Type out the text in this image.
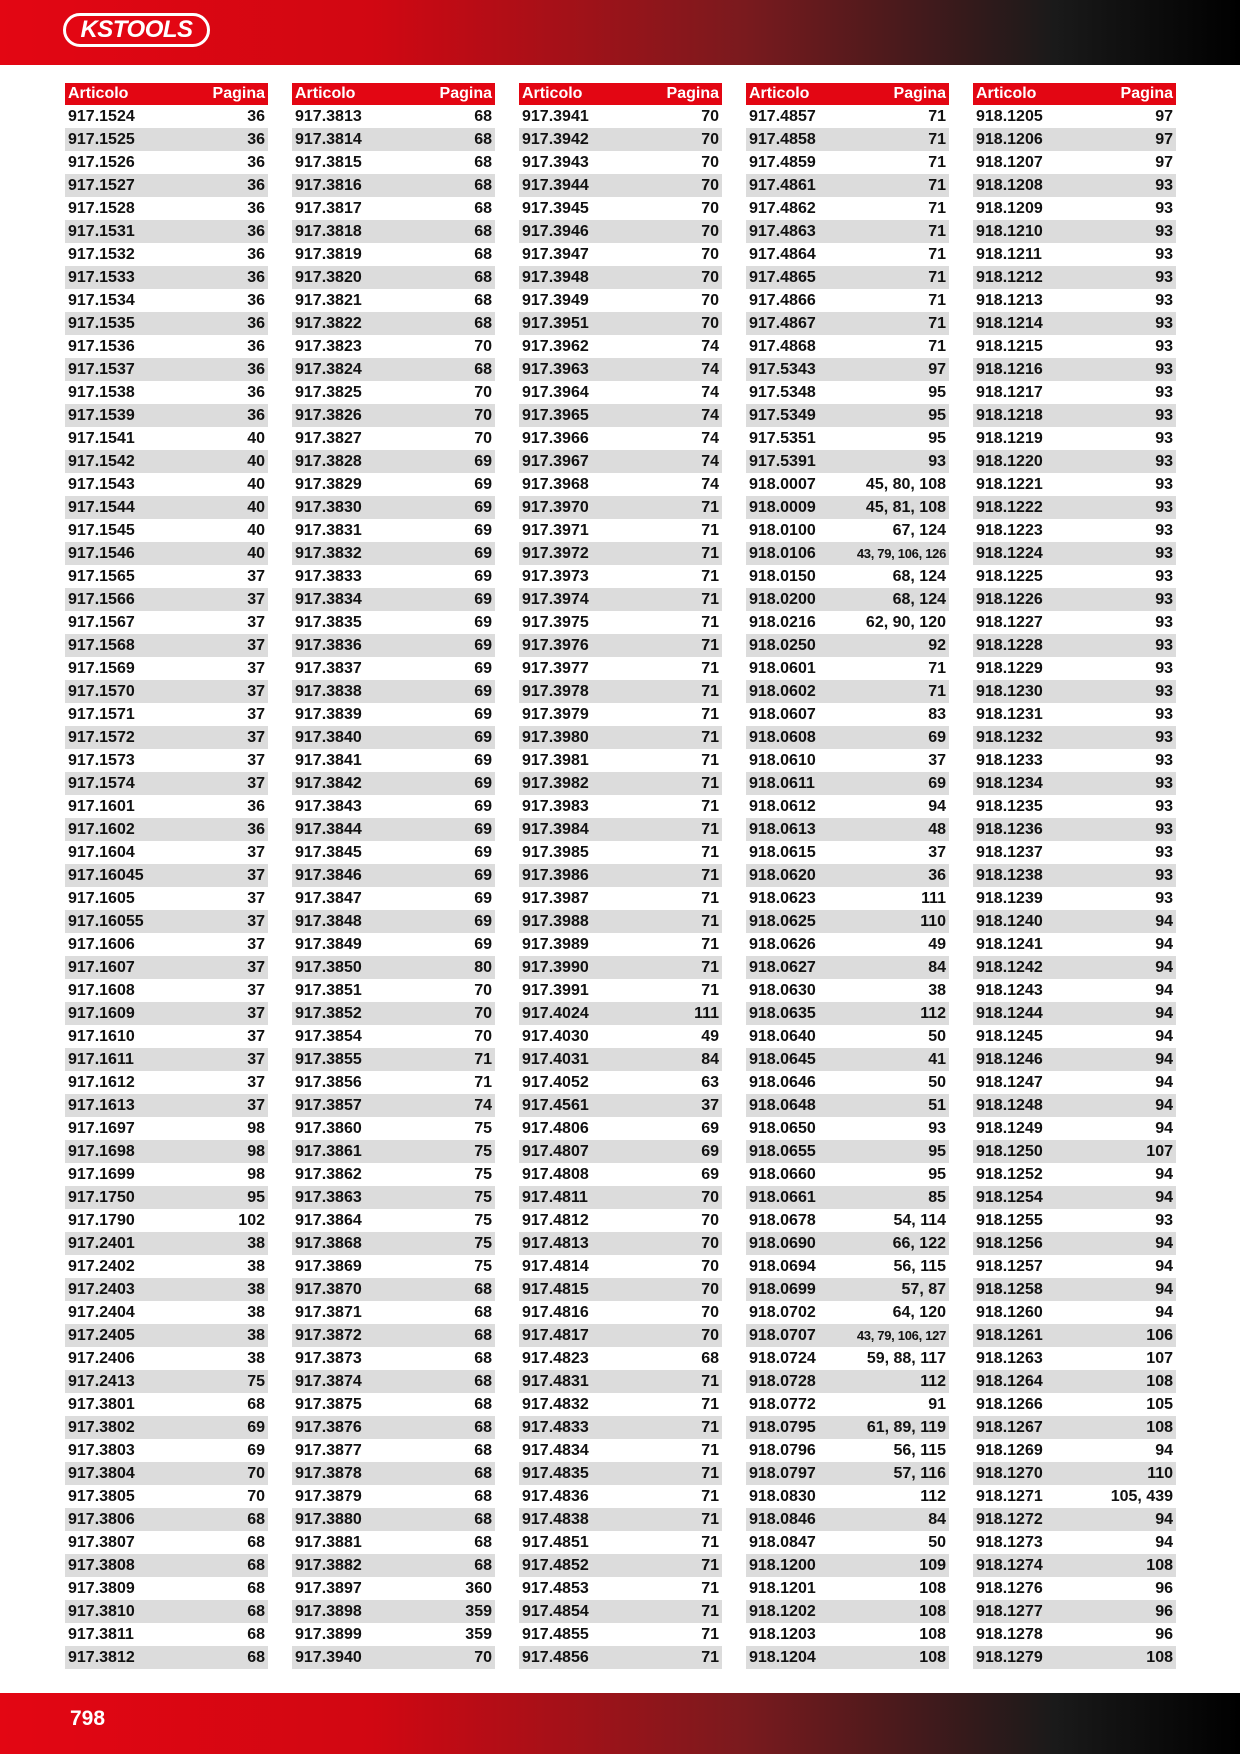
KSTOOLS
Articolo	Pagina
917.1524	36
917.1525	36
917.1526	36
917.1527	36
917.1528	36
917.1531	36
917.1532	36
917.1533	36
917.1534	36
917.1535	36
917.1536	36
917.1537	36
917.1538	36
917.1539	36
917.1541	40
917.1542	40
917.1543	40
917.1544	40
917.1545	40
917.1546	40
917.1565	37
917.1566	37
917.1567	37
917.1568	37
917.1569	37
917.1570	37
917.1571	37
917.1572	37
917.1573	37
917.1574	37
917.1601	36
917.1602	36
917.1604	37
917.16045	37
917.1605	37
917.16055	37
917.1606	37
917.1607	37
917.1608	37
917.1609	37
917.1610	37
917.1611	37
917.1612	37
917.1613	37
917.1697	98
917.1698	98
917.1699	98
917.1750	95
917.1790	102
917.2401	38
917.2402	38
917.2403	38
917.2404	38
917.2405	38
917.2406	38
917.2413	75
917.3801	68
917.3802	69
917.3803	69
917.3804	70
917.3805	70
917.3806	68
917.3807	68
917.3808	68
917.3809	68
917.3810	68
917.3811	68
917.3812	68
Articolo	Pagina
917.3813	68
917.3814	68
917.3815	68
917.3816	68
917.3817	68
917.3818	68
917.3819	68
917.3820	68
917.3821	68
917.3822	68
917.3823	70
917.3824	68
917.3825	70
917.3826	70
917.3827	70
917.3828	69
917.3829	69
917.3830	69
917.3831	69
917.3832	69
917.3833	69
917.3834	69
917.3835	69
917.3836	69
917.3837	69
917.3838	69
917.3839	69
917.3840	69
917.3841	69
917.3842	69
917.3843	69
917.3844	69
917.3845	69
917.3846	69
917.3847	69
917.3848	69
917.3849	69
917.3850	80
917.3851	70
917.3852	70
917.3854	70
917.3855	71
917.3856	71
917.3857	74
917.3860	75
917.3861	75
917.3862	75
917.3863	75
917.3864	75
917.3868	75
917.3869	75
917.3870	68
917.3871	68
917.3872	68
917.3873	68
917.3874	68
917.3875	68
917.3876	68
917.3877	68
917.3878	68
917.3879	68
917.3880	68
917.3881	68
917.3882	68
917.3897	360
917.3898	359
917.3899	359
917.3940	70
Articolo	Pagina
917.3941	70
917.3942	70
917.3943	70
917.3944	70
917.3945	70
917.3946	70
917.3947	70
917.3948	70
917.3949	70
917.3951	70
917.3962	74
917.3963	74
917.3964	74
917.3965	74
917.3966	74
917.3967	74
917.3968	74
917.3970	71
917.3971	71
917.3972	71
917.3973	71
917.3974	71
917.3975	71
917.3976	71
917.3977	71
917.3978	71
917.3979	71
917.3980	71
917.3981	71
917.3982	71
917.3983	71
917.3984	71
917.3985	71
917.3986	71
917.3987	71
917.3988	71
917.3989	71
917.3990	71
917.3991	71
917.4024	111
917.4030	49
917.4031	84
917.4052	63
917.4561	37
917.4806	69
917.4807	69
917.4808	69
917.4811	70
917.4812	70
917.4813	70
917.4814	70
917.4815	70
917.4816	70
917.4817	70
917.4823	68
917.4831	71
917.4832	71
917.4833	71
917.4834	71
917.4835	71
917.4836	71
917.4838	71
917.4851	71
917.4852	71
917.4853	71
917.4854	71
917.4855	71
917.4856	71
Articolo	Pagina
917.4857	71
917.4858	71
917.4859	71
917.4861	71
917.4862	71
917.4863	71
917.4864	71
917.4865	71
917.4866	71
917.4867	71
917.4868	71
917.5343	97
917.5348	95
917.5349	95
917.5351	95
917.5391	93
918.0007	45, 80, 108
918.0009	45, 81, 108
918.0100	67, 124
918.0106	43, 79, 106, 126
918.0150	68, 124
918.0200	68, 124
918.0216	62, 90, 120
918.0250	92
918.0601	71
918.0602	71
918.0607	83
918.0608	69
918.0610	37
918.0611	69
918.0612	94
918.0613	48
918.0615	37
918.0620	36
918.0623	111
918.0625	110
918.0626	49
918.0627	84
918.0630	38
918.0635	112
918.0640	50
918.0645	41
918.0646	50
918.0648	51
918.0650	93
918.0655	95
918.0660	95
918.0661	85
918.0678	54, 114
918.0690	66, 122
918.0694	56, 115
918.0699	57, 87
918.0702	64, 120
918.0707	43, 79, 106, 127
918.0724	59, 88, 117
918.0728	112
918.0772	91
918.0795	61, 89, 119
918.0796	56, 115
918.0797	57, 116
918.0830	112
918.0846	84
918.0847	50
918.1200	109
918.1201	108
918.1202	108
918.1203	108
918.1204	108
Articolo	Pagina
918.1205	97
918.1206	97
918.1207	97
918.1208	93
918.1209	93
918.1210	93
918.1211	93
918.1212	93
918.1213	93
918.1214	93
918.1215	93
918.1216	93
918.1217	93
918.1218	93
918.1219	93
918.1220	93
918.1221	93
918.1222	93
918.1223	93
918.1224	93
918.1225	93
918.1226	93
918.1227	93
918.1228	93
918.1229	93
918.1230	93
918.1231	93
918.1232	93
918.1233	93
918.1234	93
918.1235	93
918.1236	93
918.1237	93
918.1238	93
918.1239	93
918.1240	94
918.1241	94
918.1242	94
918.1243	94
918.1244	94
918.1245	94
918.1246	94
918.1247	94
918.1248	94
918.1249	94
918.1250	107
918.1252	94
918.1254	94
918.1255	93
918.1256	94
918.1257	94
918.1258	94
918.1260	94
918.1261	106
918.1263	107
918.1264	108
918.1266	105
918.1267	108
918.1269	94
918.1270	110
918.1271	105, 439
918.1272	94
918.1273	94
918.1274	108
918.1276	96
918.1277	96
918.1278	96
918.1279	108
798
